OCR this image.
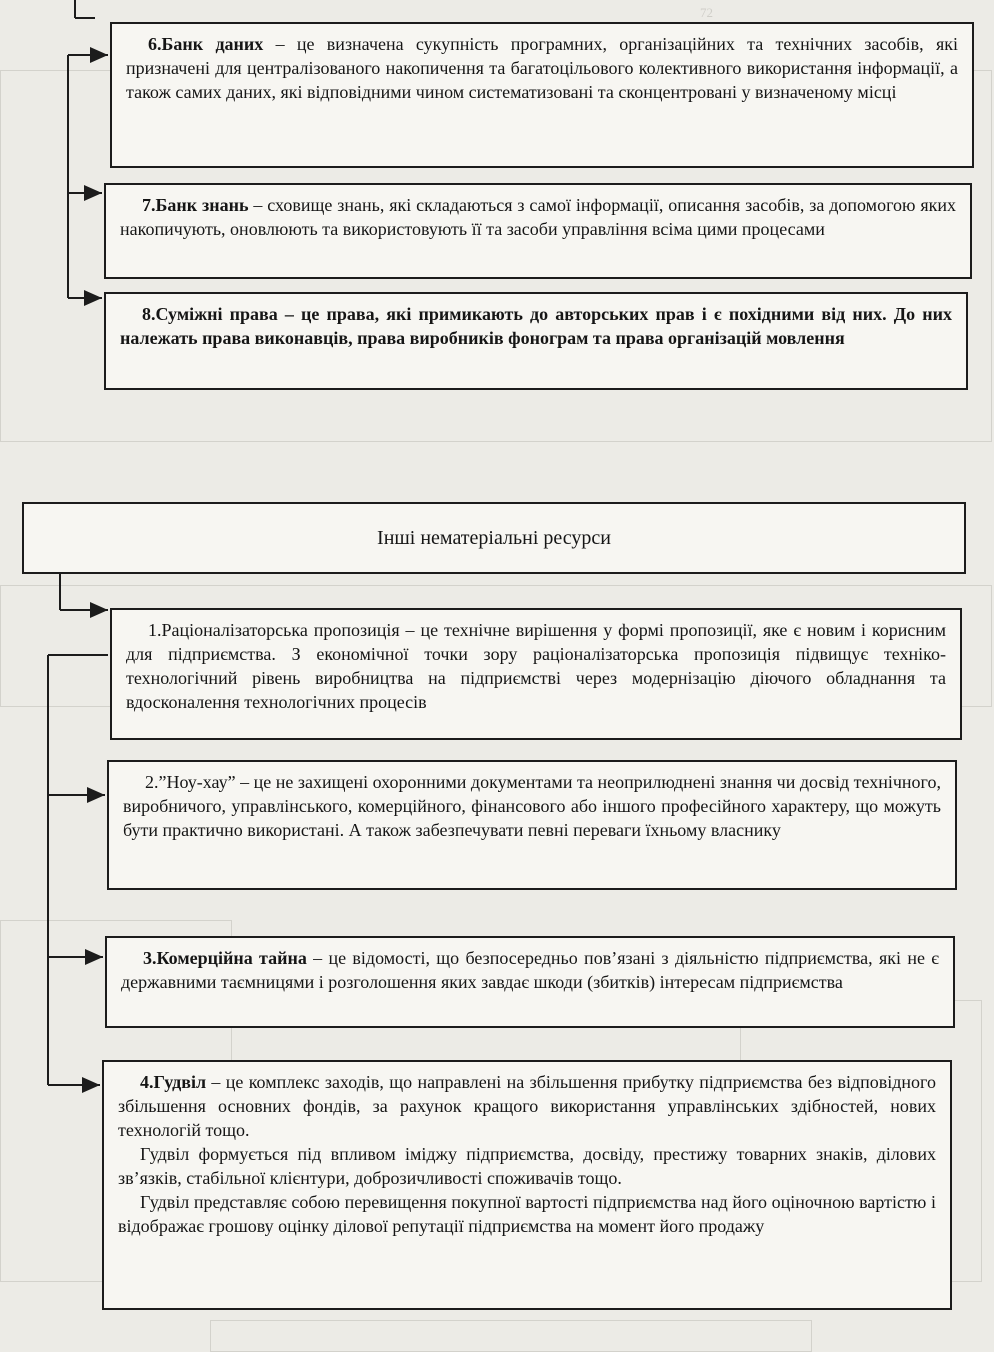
72

6.Банк даних – це визначена сукупність програмних, організаційних та технічних засобів, які призначені для централізованого накопичення та багатоцільового колективного використання інформації, а також самих даних, які відповідними чином систематизовані та сконцентровані у визначеному місці

7.Банк знань – сховище знань, які складаються з самої інформації, описання засобів, за допомогою яких накопичують, оновлюють та використовують її та засоби управління всіма цими процесами

8.Суміжні права – це права, які примикають до авторських прав і є похідними від них. До них належать права виконавців, права виробників фонограм та права організацій мовлення

Інші нематеріальні ресурси

1.Раціоналізаторська пропозиція – це технічне вирішення у формі пропозиції, яке є новим і корисним для підприємства. З економічної точки зору раціоналізаторська пропозиція підвищує техніко-технологічний рівень виробництва на підприємстві через модернізацію діючого обладнання та вдосконалення технологічних процесів

2.”Ноу-хау” – це не захищені охоронними документами та неоприлюднені знання чи досвід технічного, виробничого, управлінського, комерційного, фінансового або іншого професійного характеру, що можуть бути практично використані. А також забезпечувати певні переваги їхньому власнику

3.Комерційна тайна – це відомості, що безпосередньо пов’язані з діяльністю підприємства, які не є державними таємницями і розголошення яких завдає шкоди (збитків) інтересам підприємства

4.Гудвіл – це комплекс заходів, що направлені на збільшення прибутку підприємства без відповідного збільшення основних фондів, за рахунок кращого використання управлінських здібностей, нових технологій тощо.

Гудвіл формується під впливом іміджу підприємства, досвіду, престижу товарних знаків, ділових зв’язків, стабільної клієнтури, доброзичливості споживачів тощо.

Гудвіл представляє собою перевищення покупної вартості підприємства над його оціночною вартістю і відображає грошову оцінку ділової репутації підприємства на момент його продажу
